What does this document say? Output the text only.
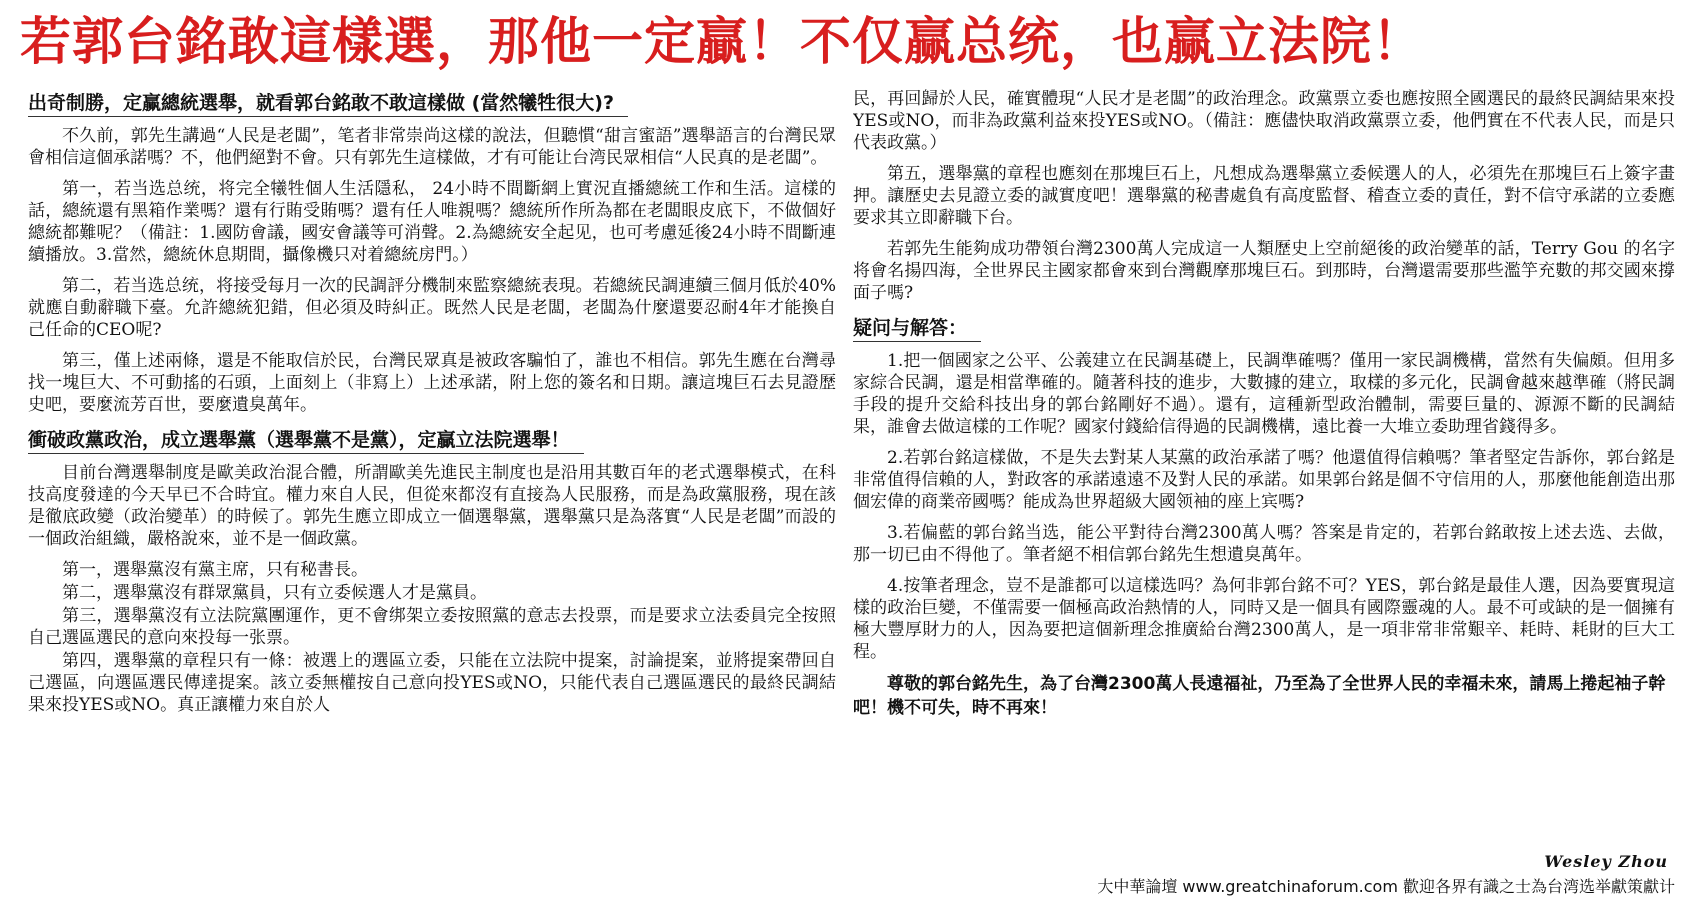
若郭台銘敢這樣選，那他一定贏！不仅赢总统，也赢立法院！
出奇制勝，定赢總統選舉，就看郭台銘敢不敢這樣做 (當然犧牲很大)?

不久前，郭先生講過“人民是老闆”，笔者非常崇尚这樣的說法，但聽慣“甜言蜜語”選舉語言的台灣民眾會相信這個承諾嗎？不，他們絕對不會。只有郭先生這樣做，才有可能让台湾民眾相信“人民真的是老闆”。

第一，若当选总统，将完全犧牲個人生活隱私， 24小時不間斷網上實況直播總統工作和生活。這樣的話，總統還有黑箱作業嗎？還有行賄受賄嗎？還有任人唯親嗎？總統所作所為都在老闆眼皮底下，不做個好總統都難呢？（備註：1.國防會議，國安會議等可消聲。2.為總統安全起见，也可考慮延後24小時不間斷連續播放。3.當然，總統休息期間，攝像機只对着總統房門。）

第二，若当选总统，将接受每月一次的民調評分機制來監察總統表現。若總統民調連續三個月低於40% 就應自動辭職下臺。允許總統犯錯，但必須及時糾正。既然人民是老闆，老闆為什麼還要忍耐4年才能換自己任命的CEO呢?

第三，僅上述兩條，還是不能取信於民，台灣民眾真是被政客騙怕了，誰也不相信。郭先生應在台灣尋找一塊巨大、不可動搖的石頭，上面刻上（非寫上）上述承諾，附上您的簽名和日期。讓這塊巨石去見證歷史吧，要麼流芳百世，要麼遺臭萬年。

衝破政黨政治，成立選舉黨（選舉黨不是黨），定贏立法院選舉！

目前台灣選舉制度是歐美政治混合體，所謂歐美先進民主制度也是沿用其數百年的老式選舉模式，在科技高度發達的今天早已不合時宜。權力來自人民，但從來都沒有直接為人民服務，而是為政黨服務，現在該是徹底政變（政治變革）的時候了。郭先生應立即成立一個選舉黨，選舉黨只是為落實“人民是老闆”而設的一個政治組織，嚴格說來，並不是一個政黨。

第一，選舉黨沒有黨主席，只有秘書長。

第二，選舉黨沒有群眾黨員，只有立委候選人才是黨員。

第三，選舉黨沒有立法院黨團運作，更不會绑架立委按照黨的意志去投票，而是要求立法委員完全按照自己選區選民的意向來投每一张票。

第四，選舉黨的章程只有一條：被選上的選區立委，只能在立法院中提案，討論提案，並將提案帶回自己選區，向選區選民傳達提案。該立委無權按自己意向投YES或NO，只能代表自己選區選民的最終民調結果來投YES或NO。真正讓權力來自於人

民，再回歸於人民，確實體現“人民才是老闆”的政治理念。政黨票立委也應按照全國選民的最終民調結果來投YES或NO，而非為政黨利益來投YES或NO。（備註：應儘快取消政黨票立委，他們實在不代表人民，而是只代表政黨。）

第五，選舉黨的章程也應刻在那塊巨石上，凡想成為選舉黨立委候選人的人，必須先在那塊巨石上簽字畫押。讓歷史去見證立委的誠實度吧！選舉黨的秘書處負有高度監督、稽查立委的責任，對不信守承諾的立委應要求其立即辭職下台。

若郭先生能夠成功帶領台灣2300萬人完成這一人類歷史上空前絕後的政治變革的話，Terry Gou 的名字将會名揚四海，全世界民主國家都會來到台灣觀摩那塊巨石。到那時，台灣還需要那些濫竽充數的邦交國來撐面子嗎?

疑问与解答：

1.把一個國家之公平、公義建立在民調基礎上，民調準確嗎？僅用一家民調機構，當然有失偏頗。但用多家綜合民調，還是相當準確的。隨著科技的進步，大數據的建立，取樣的多元化，民調會越來越準確（將民調手段的提升交給科技出身的郭台銘剛好不過）。還有，這種新型政治體制，需要巨量的、源源不斷的民調結果，誰會去做這樣的工作呢？國家付錢給信得過的民調機構，遠比養一大堆立委助理省錢得多。

2.若郭台銘這樣做，不是失去對某人某黨的政治承諾了嗎？他還值得信賴嗎？筆者堅定告訴你，郭台銘是非常值得信賴的人，對政客的承諾遠遠不及對人民的承諾。如果郭台銘是個不守信用的人，那麼他能創造出那個宏偉的商業帝國嗎？能成為世界超級大國领袖的座上宾嗎?

3.若偏藍的郭台銘当选，能公平對待台灣2300萬人嗎？答案是肯定的，若郭台銘敢按上述去选、去做，那一切已由不得他了。筆者絕不相信郭台銘先生想遺臭萬年。

4.按筆者理念，豈不是誰都可以這樣选吗？為何非郭台銘不可？YES，郭台銘是最佳人選，因為要實現這樣的政治巨變，不僅需要一個極高政治熱情的人，同時又是一個具有國際靈魂的人。最不可或缺的是一個擁有極大豐厚財力的人，因為要把這個新理念推廣給台灣2300萬人，是一項非常非常艱辛、耗時、耗財的巨大工程。

尊敬的郭台銘先生，為了台灣2300萬人長遠福祉，乃至為了全世界人民的幸福未來，請馬上捲起袖子幹吧！機不可失，時不再來！

Wesley Zhou
大中華論壇 www.greatchinaforum.com 歡迎各界有識之士為台湾选举獻策獻计
